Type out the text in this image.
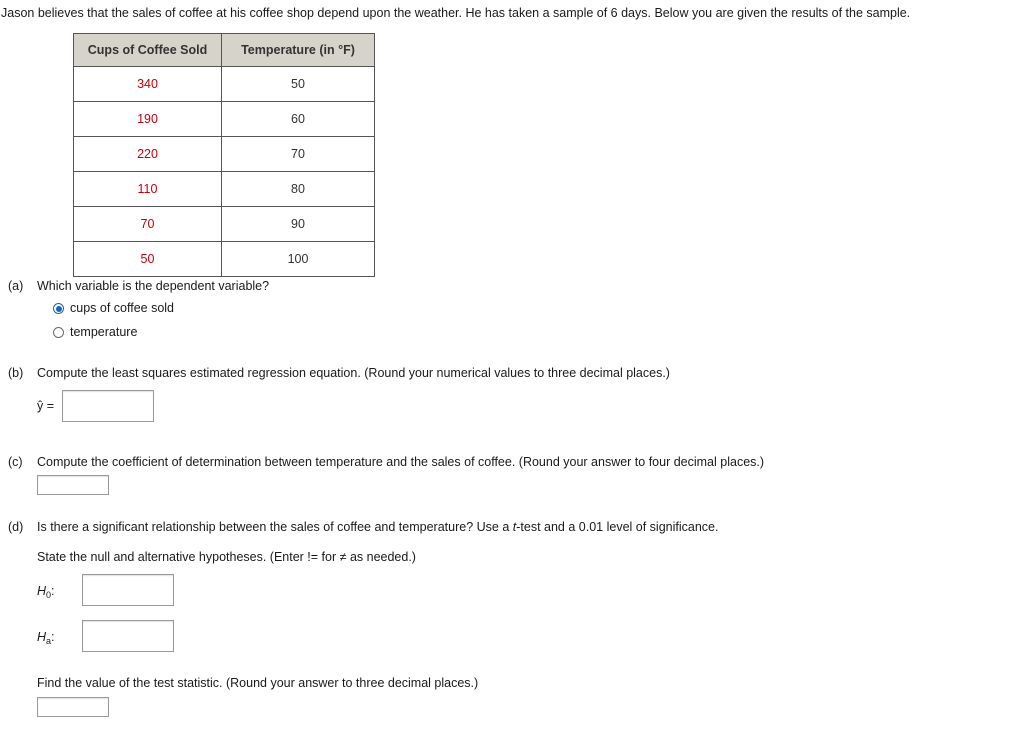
Jason believes that the sales of coffee at his coffee shop depend upon the weather. He has taken a sample of 6 days. Below you are given the results of the sample.
Cups of Coffee Sold	Temperature (in °F)
340	50
190	60
220	70
110	80
70	90
50	100
(a)	Which variable is the dependent variable?
cups of coffee sold
temperature
(b)	Compute the least squares estimated regression equation. (Round your numerical values to three decimal places.)
ŷ =
(c)	Compute the coefficient of determination between temperature and the sales of coffee. (Round your answer to four decimal places.)
(d)	Is there a significant relationship between the sales of coffee and temperature? Use a t-test and a 0.01 level of significance.
State the null and alternative hypotheses. (Enter != for ≠ as needed.)
$H_0$:
$H_a$:
Find the value of the test statistic. (Round your answer to three decimal places.)
